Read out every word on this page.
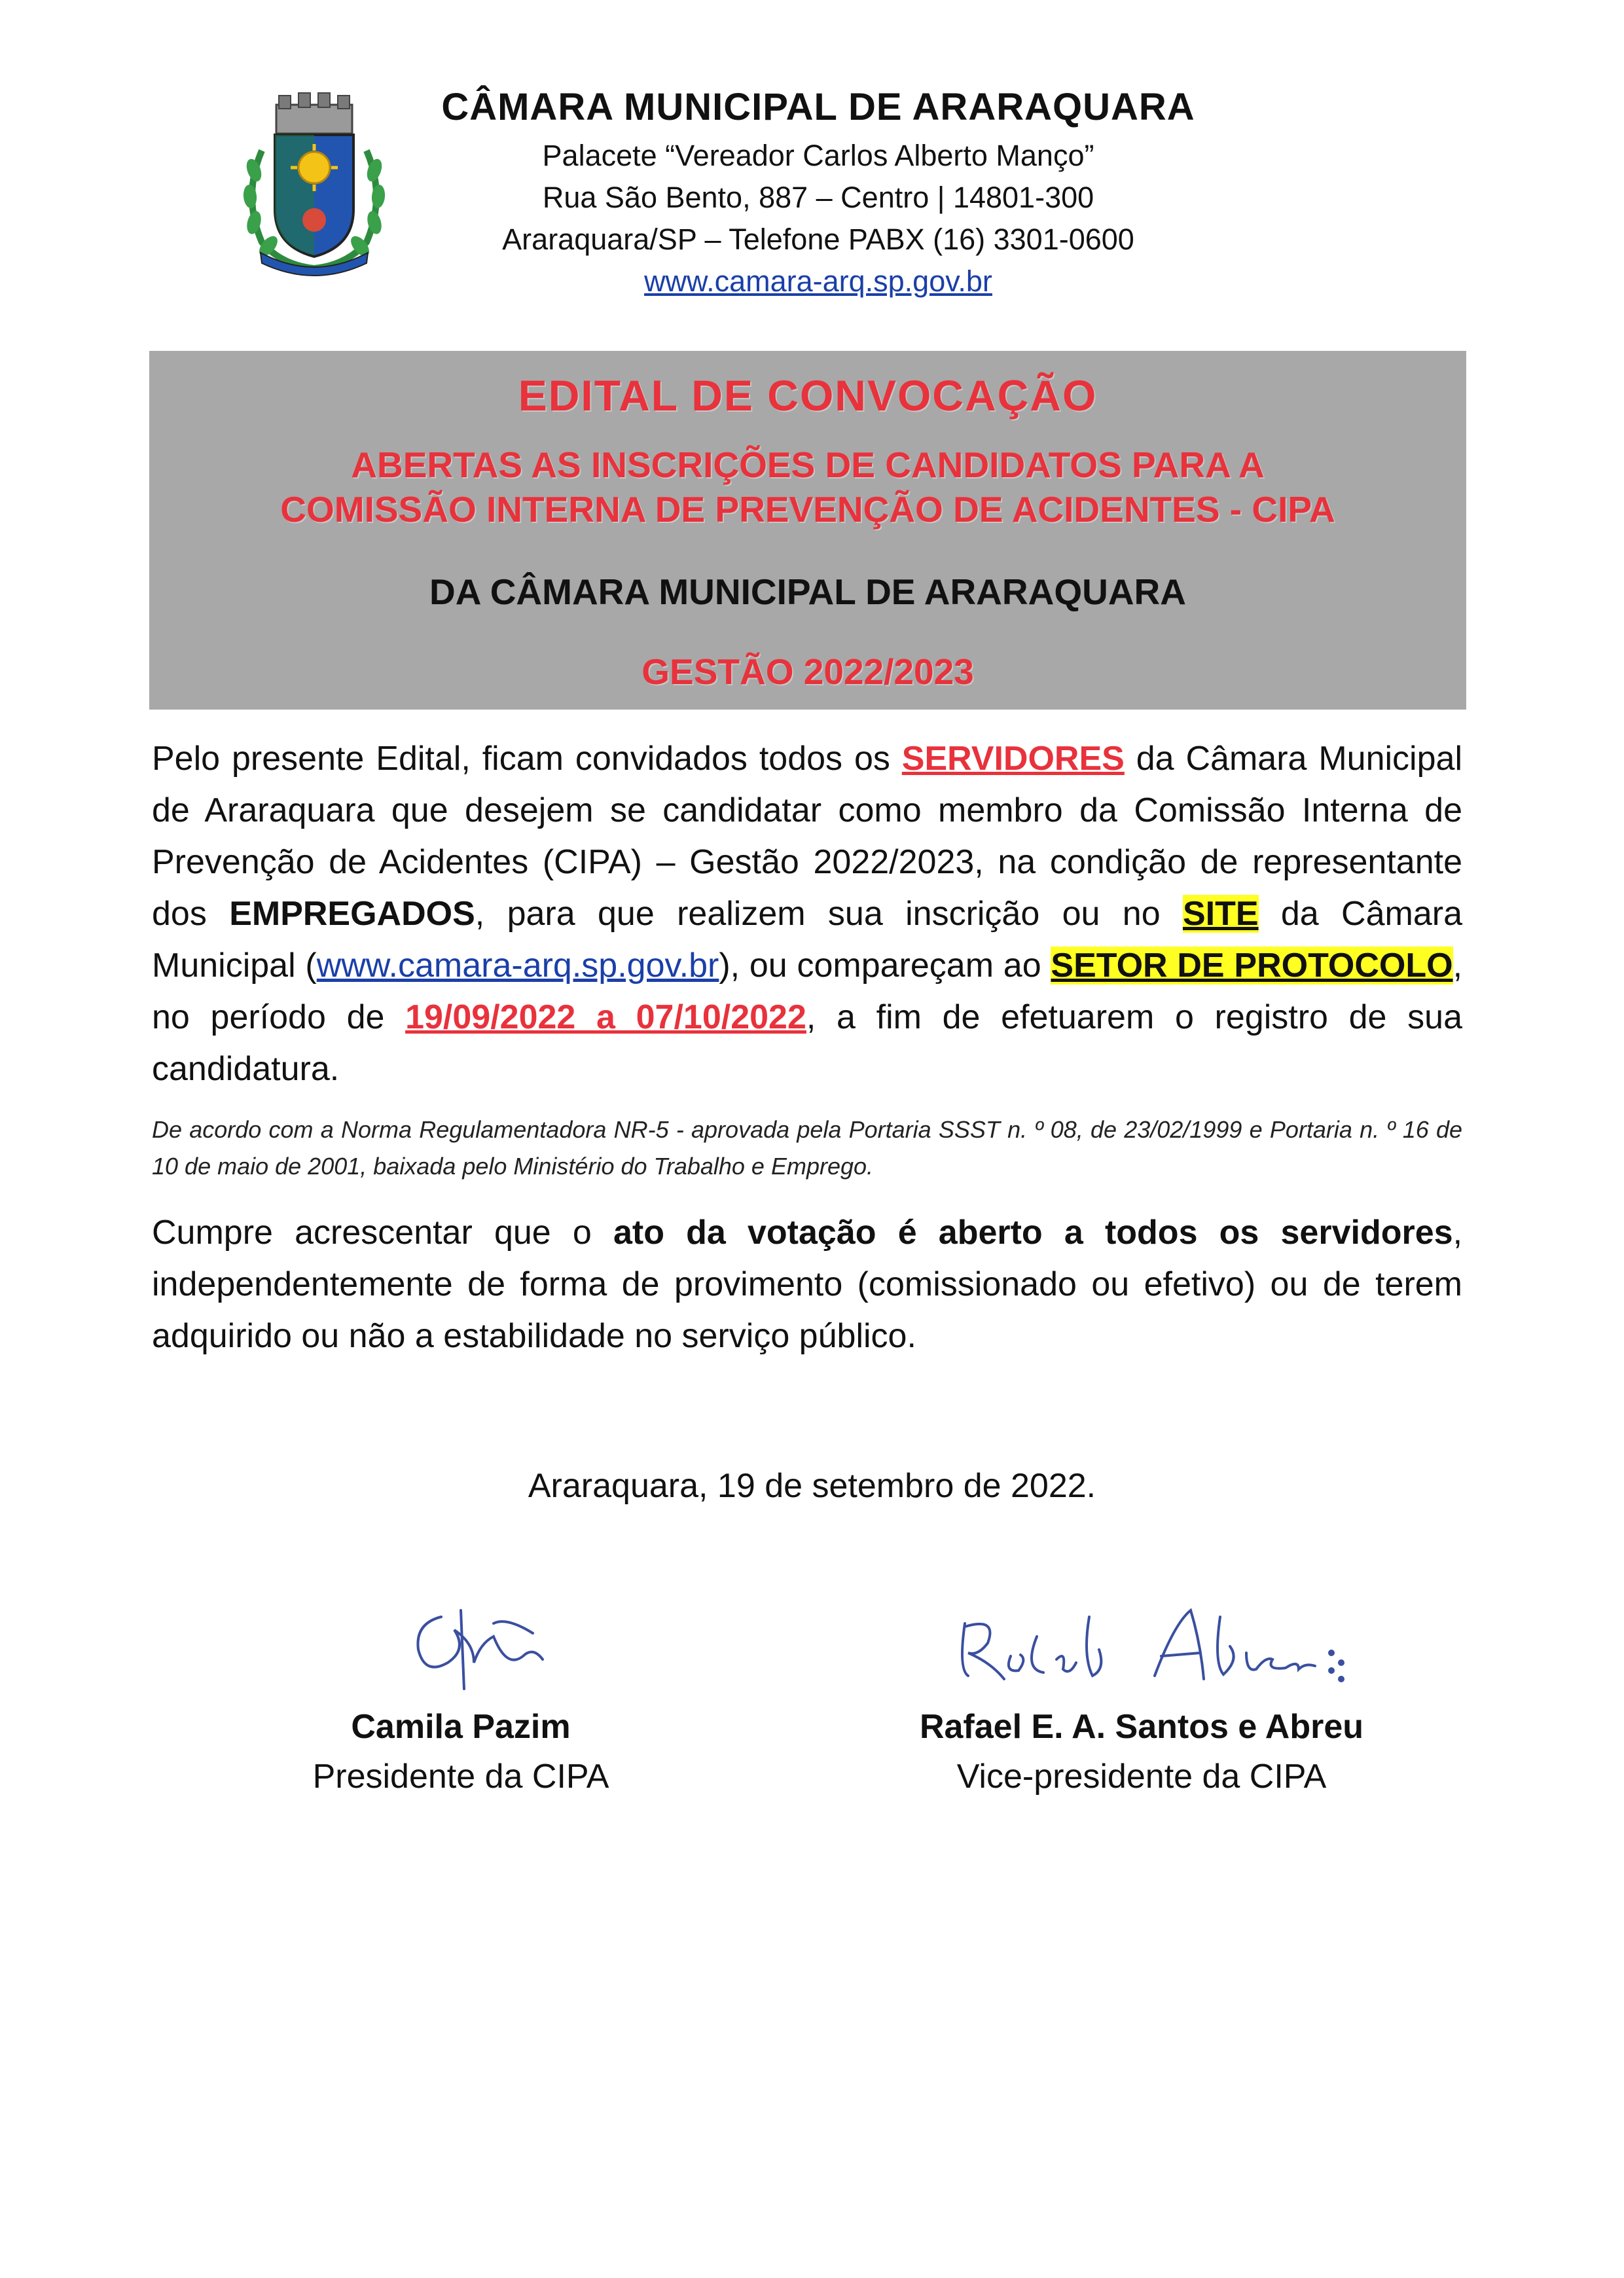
CÂMARA MUNICIPAL DE ARARAQUARA

Palacete “Vereador Carlos Alberto Manço”

Rua São Bento, 887 – Centro | 14801-300

Araraquara/SP – Telefone PABX (16) 3301-0600

www.camara-arq.sp.gov.br

EDITAL DE CONVOCAÇÃO
ABERTAS AS INSCRIÇÕES DE CANDIDATOS PARA A
COMISSÃO INTERNA DE PREVENÇÃO DE ACIDENTES - CIPA
DA CÂMARA MUNICIPAL DE ARARAQUARA
GESTÃO 2022/2023

Pelo presente Edital, ficam convidados todos os SERVIDORES da Câmara Municipal de Araraquara que desejem se candidatar como membro da Comissão Interna de Prevenção de Acidentes (CIPA) – Gestão 2022/2023, na condição de representante dos EMPREGADOS, para que realizem sua inscrição ou no SITE da Câmara Municipal (www.camara-arq.sp.gov.br), ou compareçam ao SETOR DE PROTOCOLO, no período de 19/09/2022 a 07/10/2022, a fim de efetuarem o registro de sua candidatura.

De acordo com a Norma Regulamentadora NR-5 - aprovada pela Portaria SSST n. º 08, de 23/02/1999 e Portaria n. º 16 de 10 de maio de 2001, baixada pelo Ministério do Trabalho e Emprego.

Cumpre acrescentar que o ato da votação é aberto a todos os servidores, independentemente de forma de provimento (comissionado ou efetivo) ou de terem adquirido ou não a estabilidade no serviço público.

Araraquara, 19 de setembro de 2022.
Camila Pazim
Presidente da CIPA
Rafael E. A. Santos e Abreu
Vice-presidente da CIPA
